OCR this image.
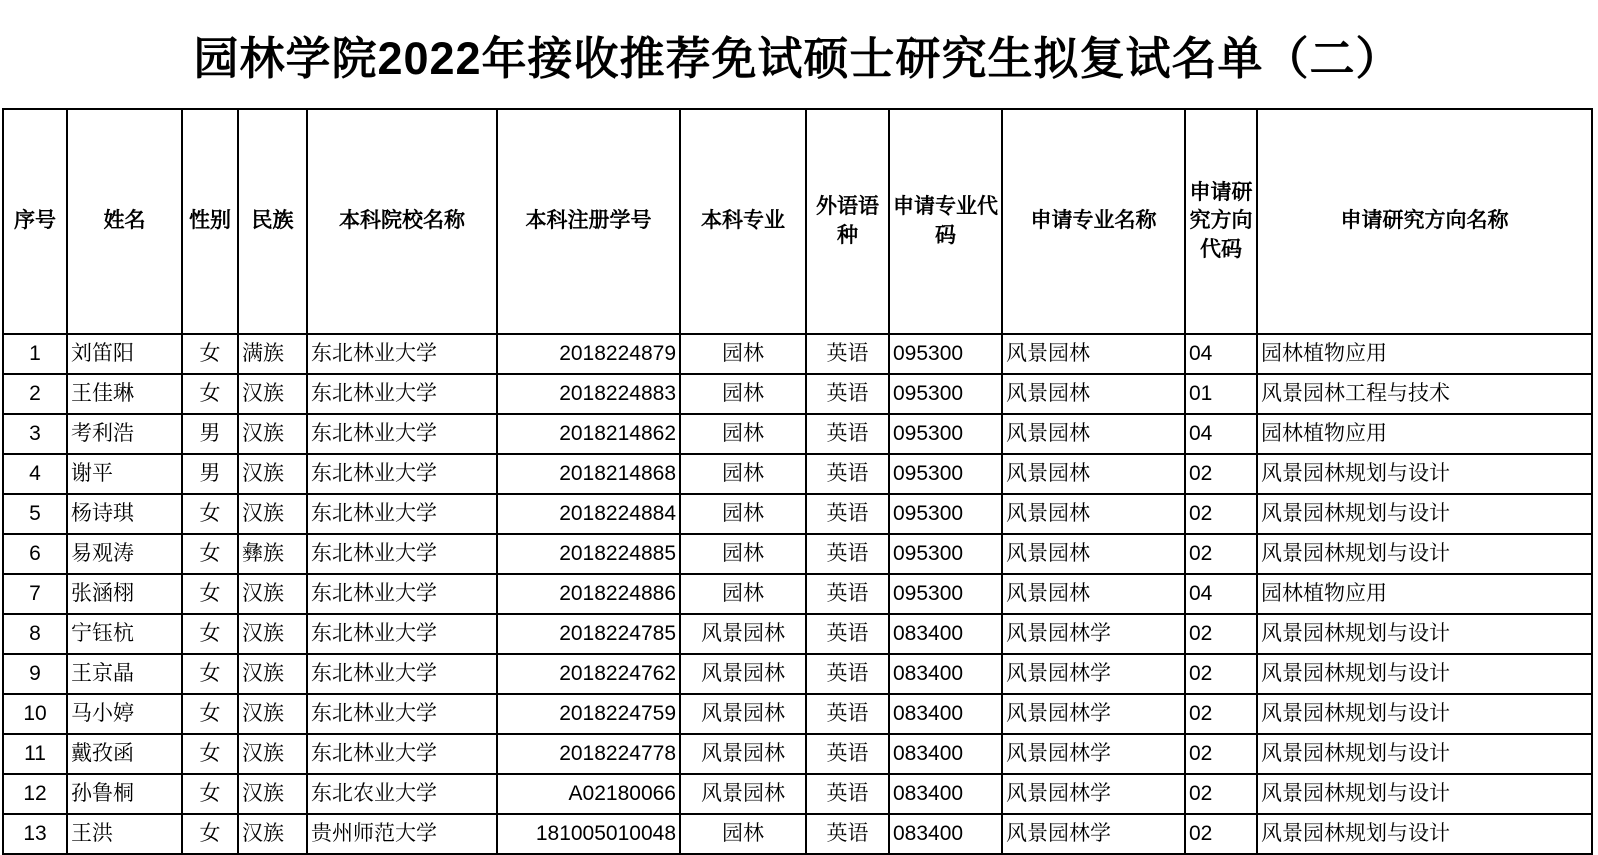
园林学院2022年接收推荐免试硕士研究生拟复试名单（二）
序号	姓名	性别	民族	本科院校名称	本科注册学号	本科专业	外语语种	申请专业代码	申请专业名称	申请研究方向代码	申请研究方向名称
1	刘笛阳	女	满族	东北林业大学	2018224879	园林	英语	095300	风景园林	04	园林植物应用
2	王佳琳	女	汉族	东北林业大学	2018224883	园林	英语	095300	风景园林	01	风景园林工程与技术
3	考利浩	男	汉族	东北林业大学	2018214862	园林	英语	095300	风景园林	04	园林植物应用
4	谢平	男	汉族	东北林业大学	2018214868	园林	英语	095300	风景园林	02	风景园林规划与设计
5	杨诗琪	女	汉族	东北林业大学	2018224884	园林	英语	095300	风景园林	02	风景园林规划与设计
6	易观涛	女	彝族	东北林业大学	2018224885	园林	英语	095300	风景园林	02	风景园林规划与设计
7	张涵栩	女	汉族	东北林业大学	2018224886	园林	英语	095300	风景园林	04	园林植物应用
8	宁钰杭	女	汉族	东北林业大学	2018224785	风景园林	英语	083400	风景园林学	02	风景园林规划与设计
9	王京晶	女	汉族	东北林业大学	2018224762	风景园林	英语	083400	风景园林学	02	风景园林规划与设计
10	马小婷	女	汉族	东北林业大学	2018224759	风景园林	英语	083400	风景园林学	02	风景园林规划与设计
11	戴孜函	女	汉族	东北林业大学	2018224778	风景园林	英语	083400	风景园林学	02	风景园林规划与设计
12	孙鲁桐	女	汉族	东北农业大学	A02180066	风景园林	英语	083400	风景园林学	02	风景园林规划与设计
13	王洪	女	汉族	贵州师范大学	181005010048	园林	英语	083400	风景园林学	02	风景园林规划与设计
